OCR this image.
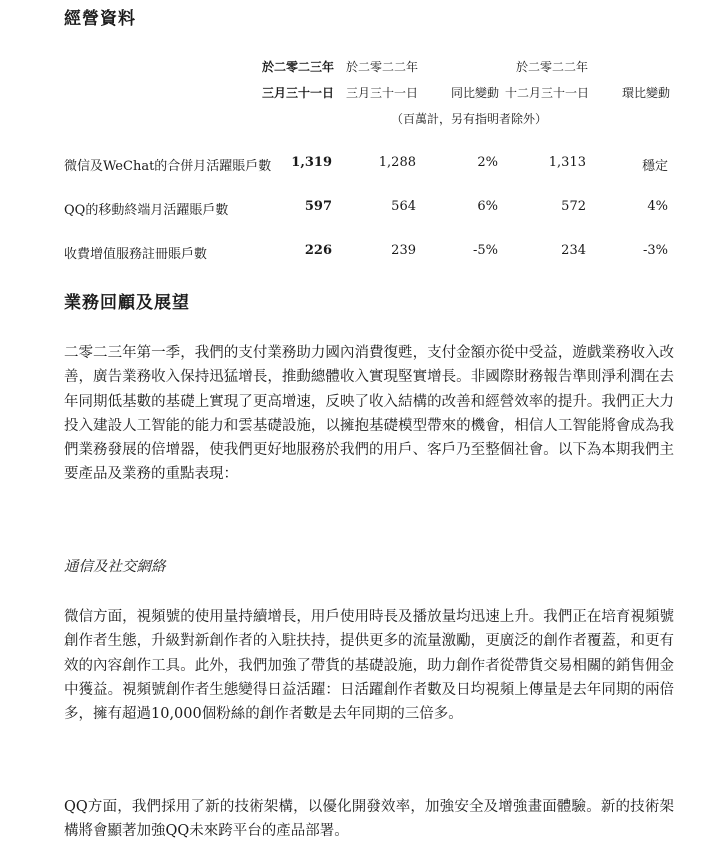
經營資料
於二零二三年
三月三十一日
於二零二二年
三月三十一日	同比變動
於二零二二年
十二月三十一日	環比變動
（百萬計，另有指明者除外）
微信及WeChat的合併月活躍賬戶數	1,319	1,288	2%	1,313	穩定
QQ的移動終端月活躍賬戶數	597	564	6%	572	4%
收費增值服務註冊賬戶數	226	239	-5%	234	-3%
業務回顧及展望
二零二三年第一季，我們的支付業務助力國內消費復甦，支付金額亦從中受益，遊戲業務收入改善，廣告業務收入保持迅猛增長，推動總體收入實現堅實增長。非國際財務報告準則淨利潤在去年同期低基數的基礎上實現了更高增速，反映了收入結構的改善和經營效率的提升。我們正大力投入建設人工智能的能力和雲基礎設施，以擁抱基礎模型帶來的機會，相信人工智能將會成為我們業務發展的倍增器，使我們更好地服務於我們的用戶、客戶乃至整個社會。以下為本期我們主要產品及業務的重點表現：
通信及社交網絡
微信方面，視頻號的使用量持續增長，用戶使用時長及播放量均迅速上升。我們正在培育視頻號創作者生態，升級對新創作者的入駐扶持，提供更多的流量激勵，更廣泛的創作者覆蓋，和更有效的內容創作工具。此外，我們加強了帶貨的基礎設施，助力創作者從帶貨交易相關的銷售佣金中獲益。視頻號創作者生態變得日益活躍：日活躍創作者數及日均視頻上傳量是去年同期的兩倍多，擁有超過10,000個粉絲的創作者數是去年同期的三倍多。
QQ方面，我們採用了新的技術架構，以優化開發效率，加強安全及增強畫面體驗。新的技術架構將會顯著加強QQ未來跨平台的產品部署。
